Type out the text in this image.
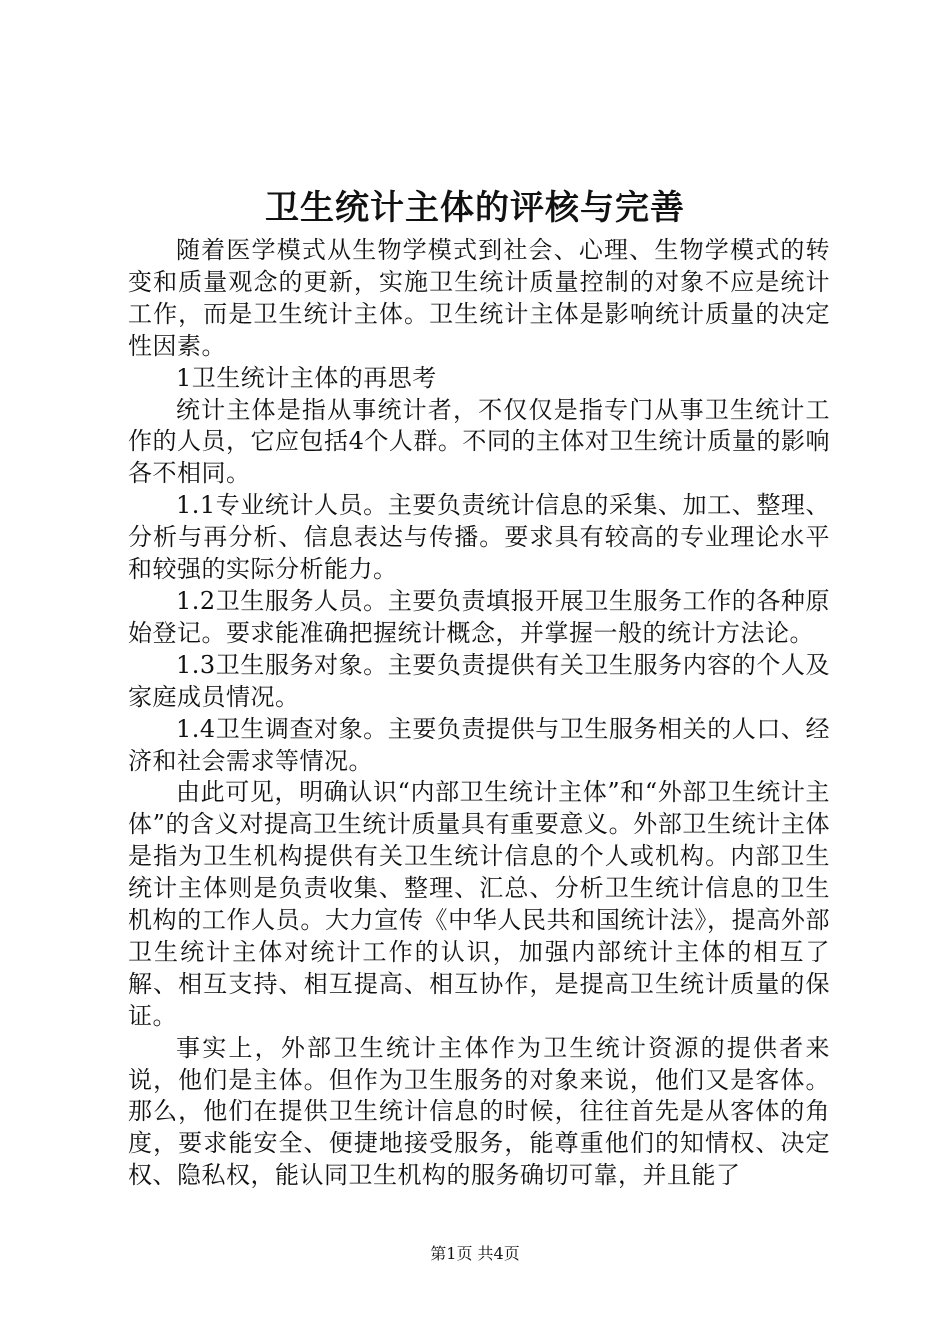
卫生统计主体的评核与完善

随着医学模式从生物学模式到社会、心理、生物学模式的转变和质量观念的更新，实施卫生统计质量控制的对象不应是统计工作，而是卫生统计主体。卫生统计主体是影响统计质量的决定性因素。

1卫生统计主体的再思考

统计主体是指从事统计者，不仅仅是指专门从事卫生统计工作的人员，它应包括4个人群。不同的主体对卫生统计质量的影响各不相同。

1.1专业统计人员。主要负责统计信息的采集、加工、整理、分析与再分析、信息表达与传播。要求具有较高的专业理论水平和较强的实际分析能力。

1.2卫生服务人员。主要负责填报开展卫生服务工作的各种原始登记。要求能准确把握统计概念，并掌握一般的统计方法论。

1.3卫生服务对象。主要负责提供有关卫生服务内容的个人及家庭成员情况。

1.4卫生调查对象。主要负责提供与卫生服务相关的人口、经济和社会需求等情况。

由此可见，明确认识“内部卫生统计主体”和“外部卫生统计主体”的含义对提高卫生统计质量具有重要意义。外部卫生统计主体是指为卫生机构提供有关卫生统计信息的个人或机构。内部卫生统计主体则是负责收集、整理、汇总、分析卫生统计信息的卫生机构的工作人员。大力宣传《中华人民共和国统计法》，提高外部卫生统计主体对统计工作的认识，加强内部统计主体的相互了解、相互支持、相互提高、相互协作，是提高卫生统计质量的保证。

事实上，外部卫生统计主体作为卫生统计资源的提供者来说，他们是主体。但作为卫生服务的对象来说，他们又是客体。那么，他们在提供卫生统计信息的时候，往往首先是从客体的角度，要求能安全、便捷地接受服务，能尊重他们的知情权、决定权、隐私权，能认同卫生机构的服务确切可靠，并且能了

第1页 共4页
